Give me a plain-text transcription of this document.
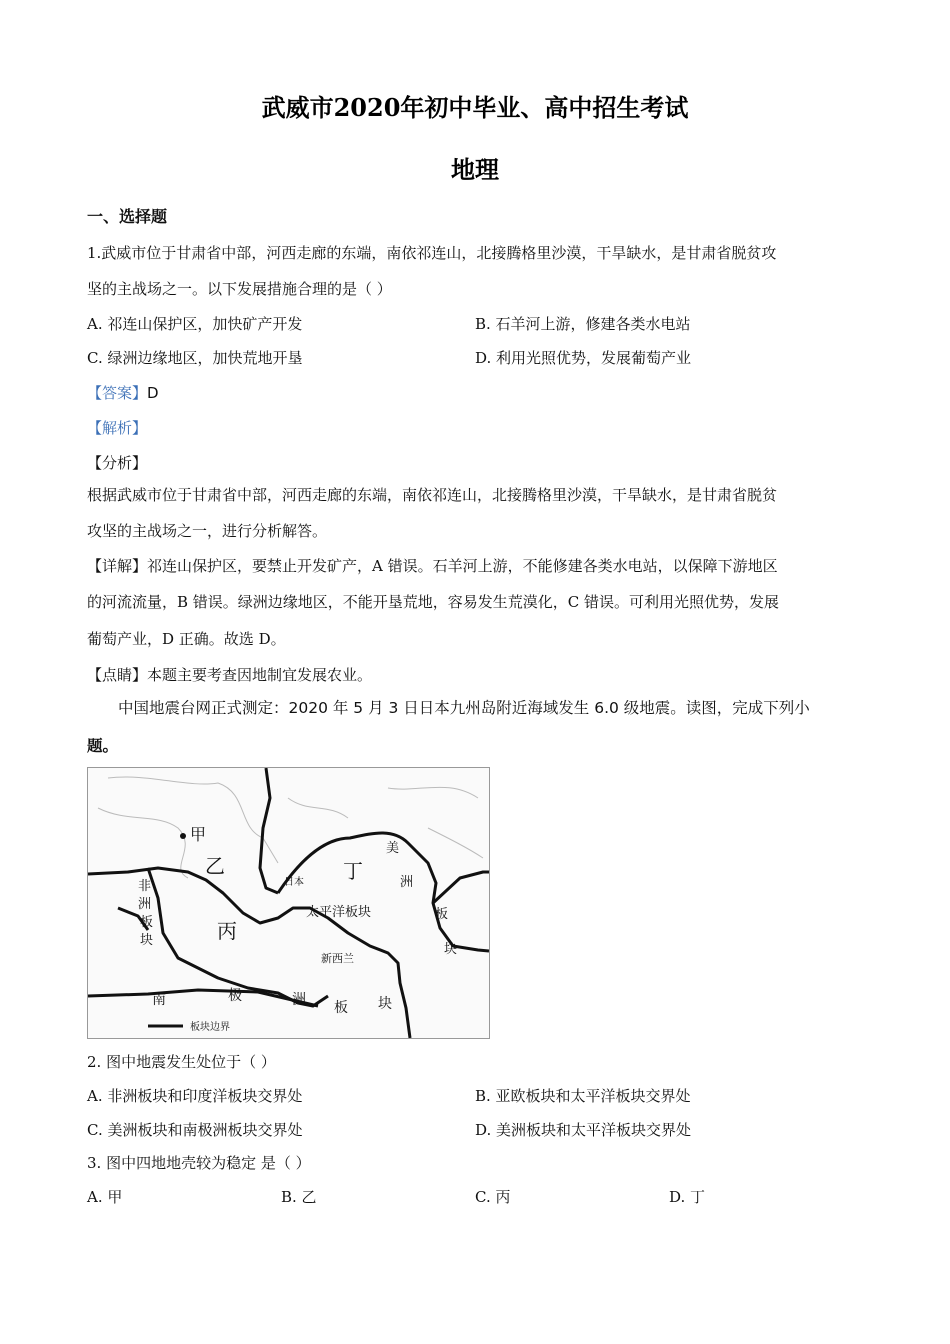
武威市2020年初中毕业、高中招生考试
地理
一、选择题
1.武威市位于甘肃省中部，河西走廊的东端，南依祁连山，北接腾格里沙漠，干旱缺水，是甘肃省脱贫攻
坚的主战场之一。以下发展措施合理的是（ ）
A. 祁连山保护区，加快矿产开发	B. 石羊河上游，修建各类水电站
C. 绿洲边缘地区，加快荒地开垦	D. 利用光照优势，发展葡萄产业
【答案】D
【解析】
【分析】
根据武威市位于甘肃省中部，河西走廊的东端，南依祁连山，北接腾格里沙漠，干旱缺水，是甘肃省脱贫
攻坚的主战场之一，进行分析解答。
【详解】祁连山保护区，要禁止开发矿产，A 错误。石羊河上游，不能修建各类水电站，以保障下游地区
的河流流量，B 错误。绿洲边缘地区，不能开垦荒地，容易发生荒漠化，C 错误。可利用光照优势，发展
葡萄产业，D 正确。故选 D。
【点睛】本题主要考查因地制宜发展农业。
中国地震台网正式测定：2020 年 5 月 3 日日本九州岛附近海域发生 6.0 级地震。读图，完成下列小
题。
甲
乙
丙
丁
日本
太平洋板块
新西兰
非
洲
板
块
美
洲
板
块
南	极	洲 板 块
板块边界
2. 图中地震发生处位于（ ）
A. 非洲板块和印度洋板块交界处	B. 亚欧板块和太平洋板块交界处
C. 美洲板块和南极洲板块交界处	D. 美洲板块和太平洋板块交界处
3. 图中四地地壳较为稳定 是（ ）
A. 甲	B. 乙	C. 丙	D. 丁
